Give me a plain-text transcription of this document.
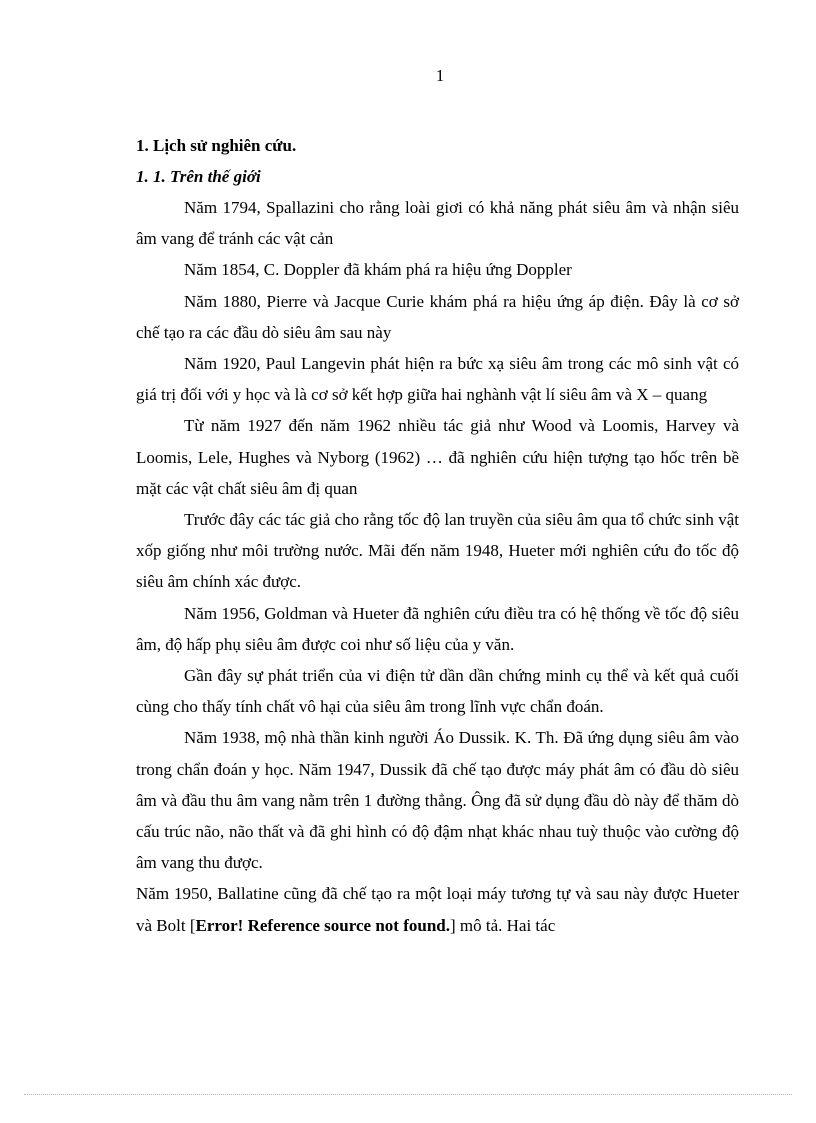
1

1. Lịch sử nghiên cứu.

1. 1. Trên thế giới

Năm 1794, Spallazini cho rằng loài giơi có khả năng phát siêu âm và nhận siêu âm vang để tránh các vật cản

Năm 1854, C. Doppler đã khám phá ra hiệu ứng Doppler

Năm 1880, Pierre và Jacque Curie khám phá ra hiệu ứng áp điện. Đây là cơ sở chế tạo ra các đầu dò siêu âm sau này

Năm 1920, Paul Langevin phát hiện ra bức xạ siêu âm trong các mô sinh vật có giá trị đối với y học và là cơ sở kết hợp giữa hai nghành vật lí siêu âm và X – quang

Từ năm 1927 đến năm 1962 nhiều tác giả như Wood và Loomis, Harvey và Loomis, Lele, Hughes và Nyborg (1962) … đã nghiên cứu hiện tượng tạo hốc trên bề mặt các vật chất siêu âm đị quan

Trước đây các tác giả cho rằng tốc độ lan truyền của siêu âm qua tổ chức sinh vật xốp giống như môi trường nước. Mãi đến năm 1948, Hueter mới nghiên cứu đo tốc độ siêu âm chính xác được.

Năm 1956, Goldman và Hueter đã nghiên cứu điều tra có hệ thống về tốc độ siêu âm, độ hấp phụ siêu âm được coi như số liệu của y văn.

Gần đây sự phát triển của vi điện tử dần dần chứng minh cụ thể và kết quả cuối cùng cho thấy tính chất vô hại của siêu âm trong lĩnh vực chẩn đoán.

Năm 1938, mộ nhà thần kinh người Áo Dussik. K. Th. Đã ứng dụng siêu âm vào trong chẩn đoán y học. Năm 1947, Dussik đã chế tạo được máy phát âm có đầu dò siêu âm và đầu thu âm vang nằm trên 1 đường thẳng. Ông đã sử dụng đầu dò này để thăm dò cấu trúc não, não thất và đã ghi hình có độ đậm nhạt khác nhau tuỳ thuộc vào cường độ âm vang thu được.

Năm 1950, Ballatine cũng đã chế tạo ra một loại máy tương tự và sau này được Hueter và Bolt [Error! Reference source not found.] mô tả. Hai tác
